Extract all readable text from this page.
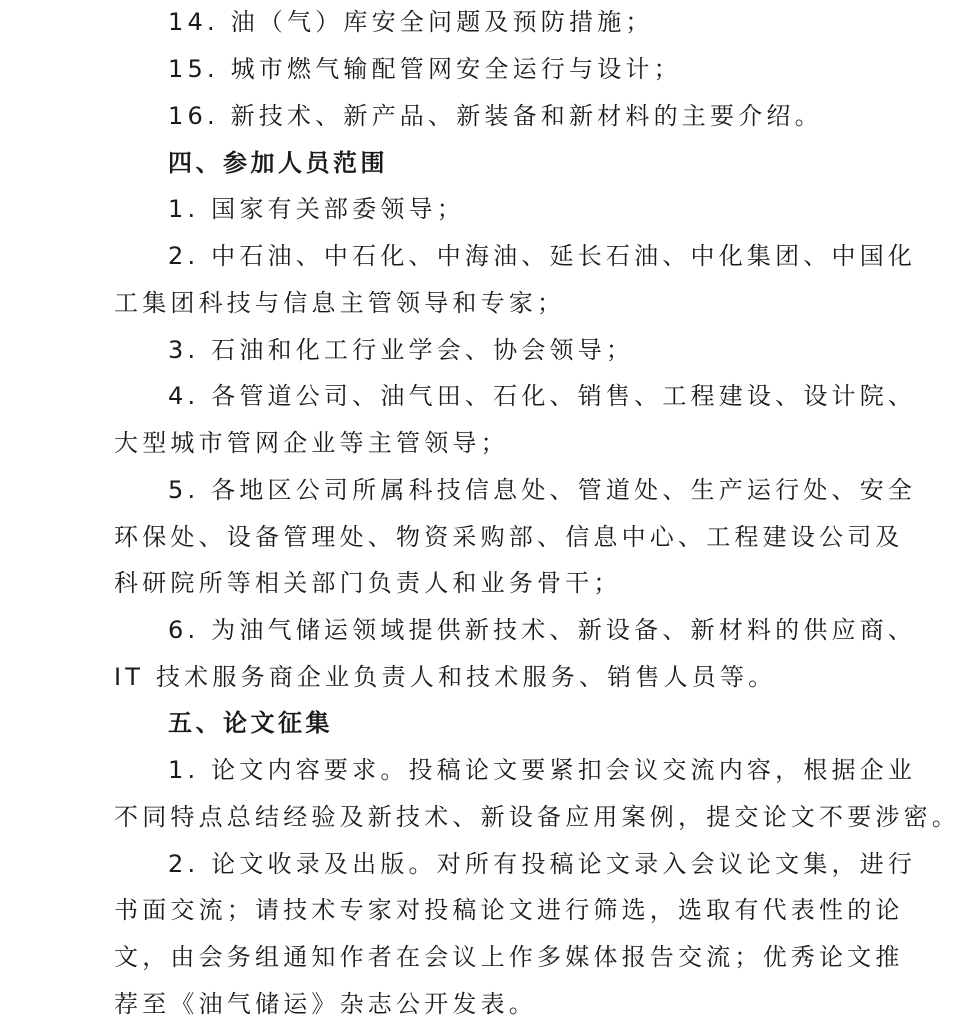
14. 油（气）库安全问题及预防措施；
15. 城市燃气输配管网安全运行与设计；
16. 新技术、新产品、新装备和新材料的主要介绍。
四、参加人员范围
1. 国家有关部委领导；
2. 中石油、中石化、中海油、延长石油、中化集团、中国化
工集团科技与信息主管领导和专家；
3. 石油和化工行业学会、协会领导；
4. 各管道公司、油气田、石化、销售、工程建设、设计院、
大型城市管网企业等主管领导；
5. 各地区公司所属科技信息处、管道处、生产运行处、安全
环保处、设备管理处、物资采购部、信息中心、工程建设公司及
科研院所等相关部门负责人和业务骨干；
6. 为油气储运领域提供新技术、新设备、新材料的供应商、
IT 技术服务商企业负责人和技术服务、销售人员等。
五、论文征集
1. 论文内容要求。投稿论文要紧扣会议交流内容，根据企业
不同特点总结经验及新技术、新设备应用案例，提交论文不要涉密。
2. 论文收录及出版。对所有投稿论文录入会议论文集，进行
书面交流；请技术专家对投稿论文进行筛选，选取有代表性的论
文，由会务组通知作者在会议上作多媒体报告交流；优秀论文推
荐至《油气储运》杂志公开发表。
